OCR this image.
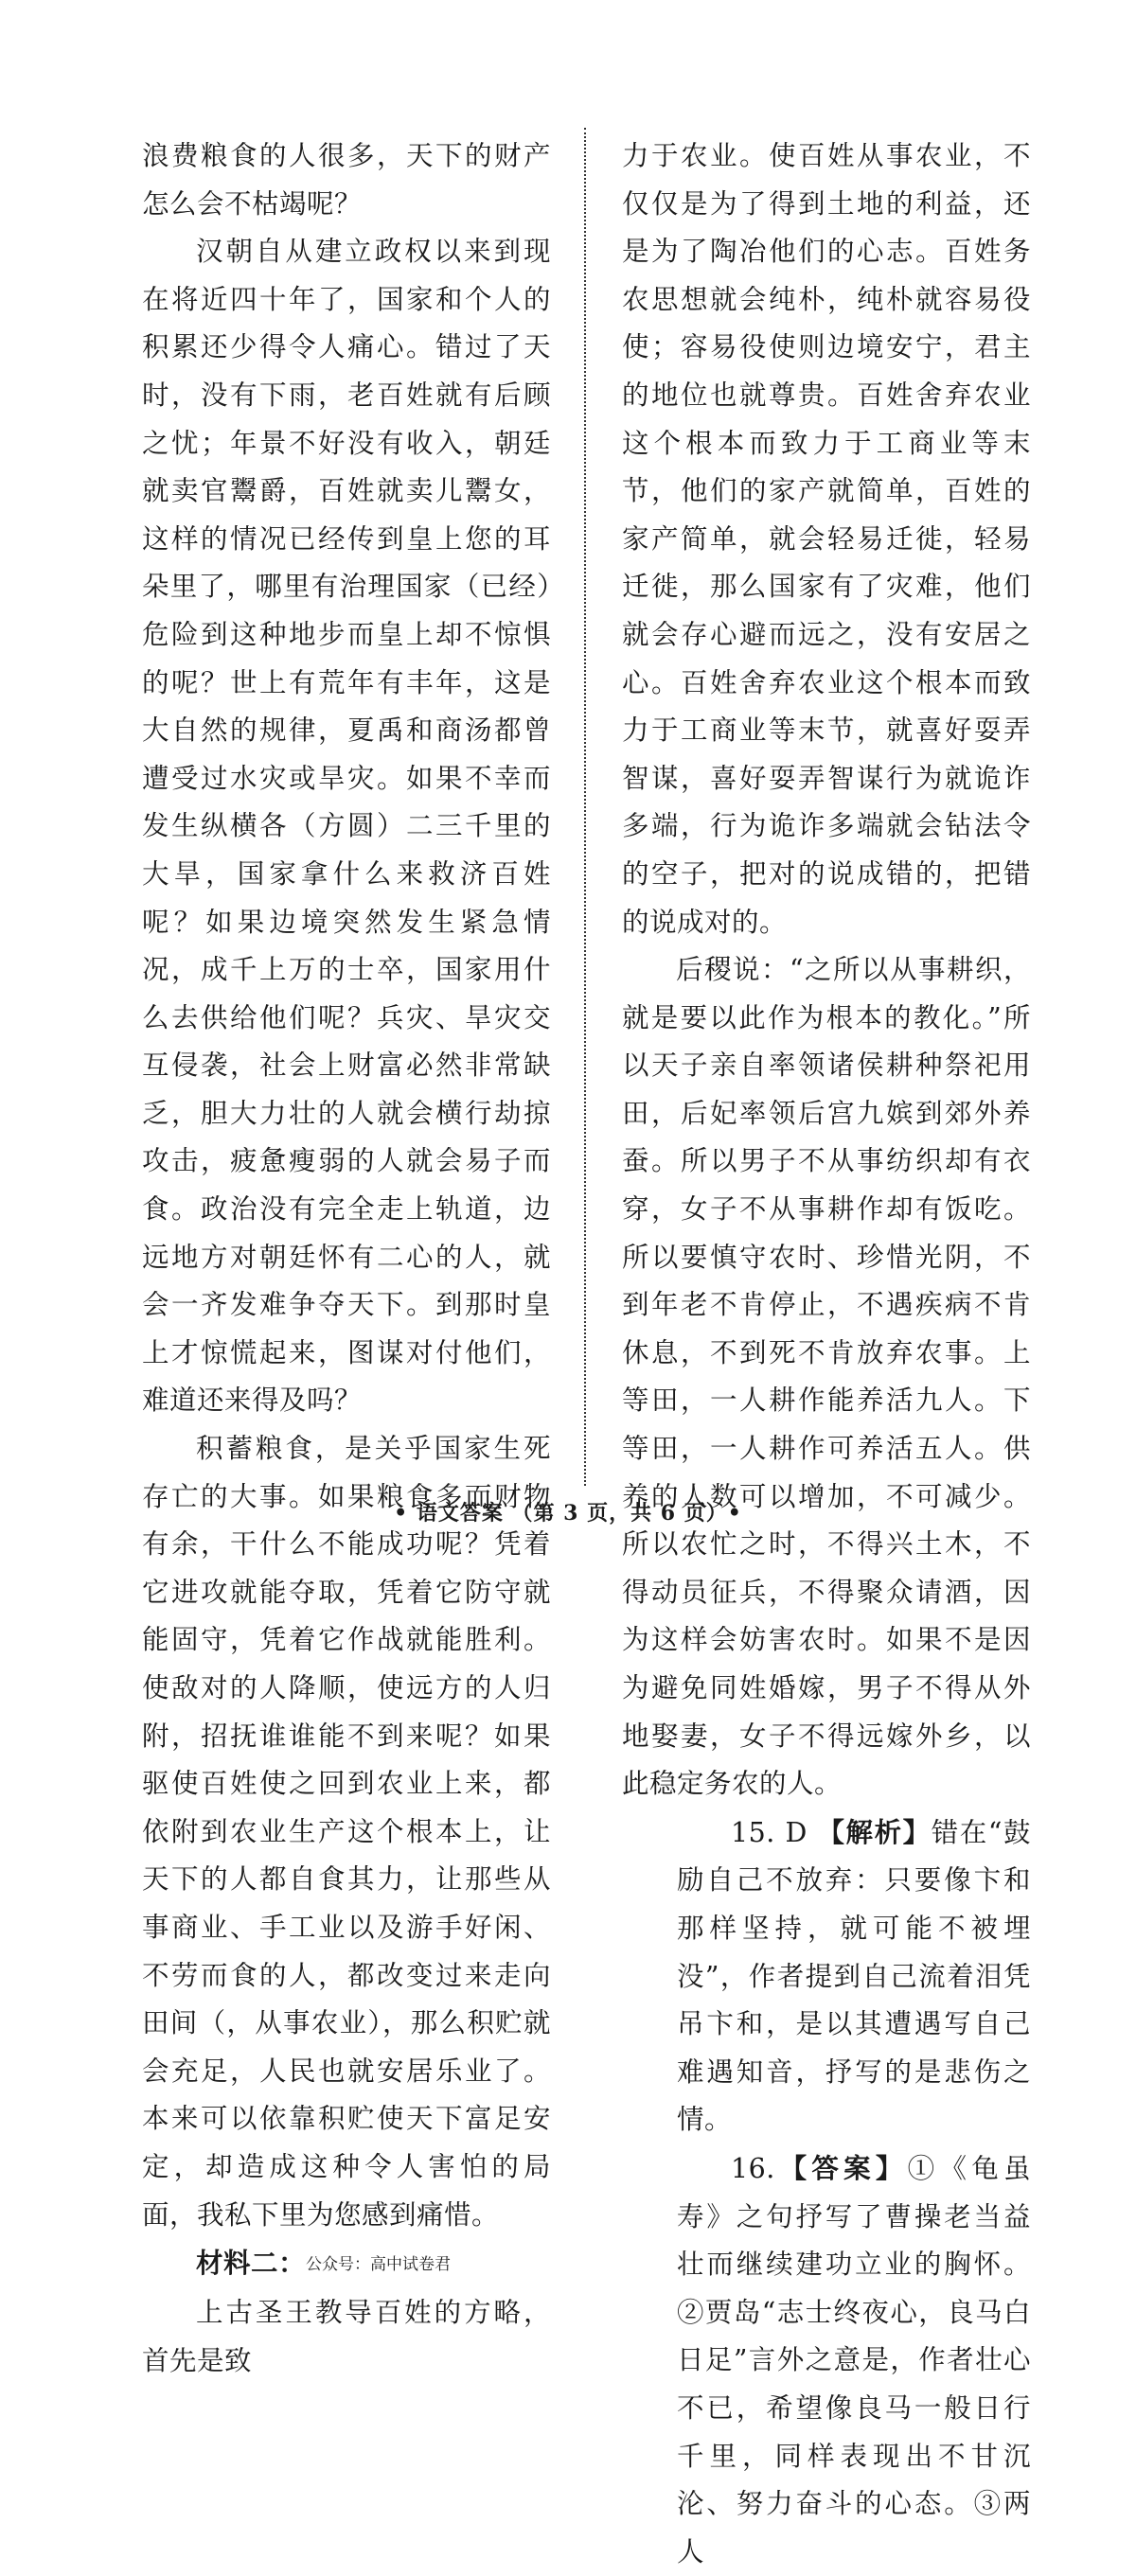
浪费粮食的人很多，天下的财产怎么会不枯竭呢？

汉朝自从建立政权以来到现在将近四十年了，国家和个人的积累还少得令人痛心。错过了天时，没有下雨，老百姓就有后顾之忧；年景不好没有收入，朝廷就卖官鬻爵，百姓就卖儿鬻女，这样的情况已经传到皇上您的耳朵里了，哪里有治理国家（已经）危险到这种地步而皇上却不惊惧的呢？世上有荒年有丰年，这是大自然的规律，夏禹和商汤都曾遭受过水灾或旱灾。如果不幸而发生纵横各（方圆）二三千里的大旱，国家拿什么来救济百姓呢？如果边境突然发生紧急情况，成千上万的士卒，国家用什么去供给他们呢？兵灾、旱灾交互侵袭，社会上财富必然非常缺乏，胆大力壮的人就会横行劫掠攻击，疲惫瘦弱的人就会易子而食。政治没有完全走上轨道，边远地方对朝廷怀有二心的人，就会一齐发难争夺天下。到那时皇上才惊慌起来，图谋对付他们，难道还来得及吗？

积蓄粮食，是关乎国家生死存亡的大事。如果粮食多而财物有余，干什么不能成功呢？凭着它进攻就能夺取，凭着它防守就能固守，凭着它作战就能胜利。使敌对的人降顺，使远方的人归附，招抚谁谁能不到来呢？如果驱使百姓使之回到农业上来，都依附到农业生产这个根本上，让天下的人都自食其力，让那些从事商业、手工业以及游手好闲、不劳而食的人，都改变过来走向田间（，从事农业），那么积贮就会充足，人民也就安居乐业了。本来可以依靠积贮使天下富足安定，却造成这种令人害怕的局面，我私下里为您感到痛惜。

材料二：公众号：高中试卷君

上古圣王教导百姓的方略，首先是致

力于农业。使百姓从事农业，不仅仅是为了得到土地的利益，还是为了陶冶他们的心志。百姓务农思想就会纯朴，纯朴就容易役使；容易役使则边境安宁，君主的地位也就尊贵。百姓舍弃农业这个根本而致力于工商业等末节，他们的家产就简单，百姓的家产简单，就会轻易迁徙，轻易迁徙，那么国家有了灾难，他们就会存心避而远之，没有安居之心。百姓舍弃农业这个根本而致力于工商业等末节，就喜好耍弄智谋，喜好耍弄智谋行为就诡诈多端，行为诡诈多端就会钻法令的空子，把对的说成错的，把错的说成对的。

后稷说：“之所以从事耕织，就是要以此作为根本的教化。”所以天子亲自率领诸侯耕种祭祀用田，后妃率领后宫九嫔到郊外养蚕。所以男子不从事纺织却有衣穿，女子不从事耕作却有饭吃。所以要慎守农时、珍惜光阴，不到年老不肯停止，不遇疾病不肯休息，不到死不肯放弃农事。上等田，一人耕作能养活九人。下等田，一人耕作可养活五人。供养的人数可以增加，不可减少。所以农忙之时，不得兴土木，不得动员征兵，不得聚众请酒，因为这样会妨害农时。如果不是因为避免同姓婚嫁，男子不得从外地娶妻，女子不得远嫁外乡，以此稳定务农的人。

15. D 【解析】错在“鼓励自己不放弃：只要像卞和那样坚持，就可能不被埋没”，作者提到自己流着泪凭吊卞和，是以其遭遇写自己难遇知音，抒写的是悲伤之情。

16.【答案】①《龟虽寿》之句抒写了曹操老当益壮而继续建功立业的胸怀。②贾岛“志士终夜心，良马白日足”言外之意是，作者壮心不已，希望像良马一般日行千里，同样表现出不甘沉沦、努力奋斗的心态。③两人

• 语文答案 （第 3 页，共 6 页）•
